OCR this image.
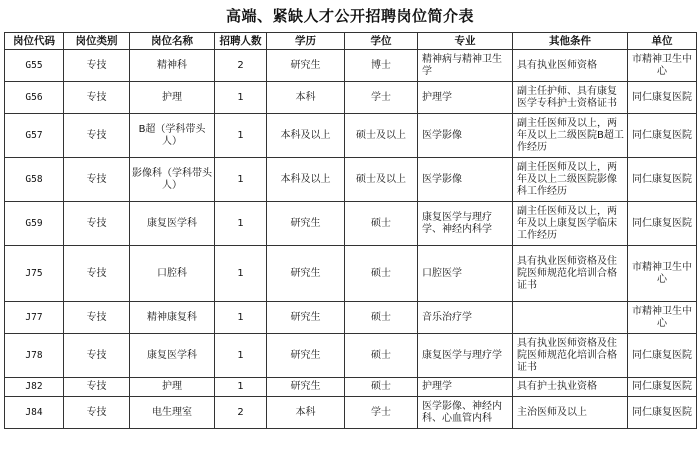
高端、紧缺人才公开招聘岗位简介表
岗位代码	岗位类别	岗位名称	招聘人数	学历	学位	专业	其他条件	单位
G55	专技	精神科	2	研究生	博士	精神病与精神卫生学	具有执业医师资格	市精神卫生中心
G56	专技	护理	1	本科	学士	护理学	副主任护师、具有康复医学专科护士资格证书	同仁康复医院
G57	专技	B超（学科带头人）	1	本科及以上	硕士及以上	医学影像	副主任医师及以上，两年及以上二级医院B超工作经历	同仁康复医院
G58	专技	影像科（学科带头人）	1	本科及以上	硕士及以上	医学影像	副主任医师及以上，两年及以上二级医院影像科工作经历	同仁康复医院
G59	专技	康复医学科	1	研究生	硕士	康复医学与理疗学、神经内科学	副主任医师及以上，两年及以上康复医学临床工作经历	同仁康复医院
J75	专技	口腔科	1	研究生	硕士	口腔医学	具有执业医师资格及住院医师规范化培训合格证书	市精神卫生中心
J77	专技	精神康复科	1	研究生	硕士	音乐治疗学		市精神卫生中心
J78	专技	康复医学科	1	研究生	硕士	康复医学与理疗学	具有执业医师资格及住院医师规范化培训合格证书	同仁康复医院
J82	专技	护理	1	研究生	硕士	护理学	具有护士执业资格	同仁康复医院
J84	专技	电生理室	2	本科	学士	医学影像、神经内科、心血管内科	主治医师及以上	同仁康复医院
